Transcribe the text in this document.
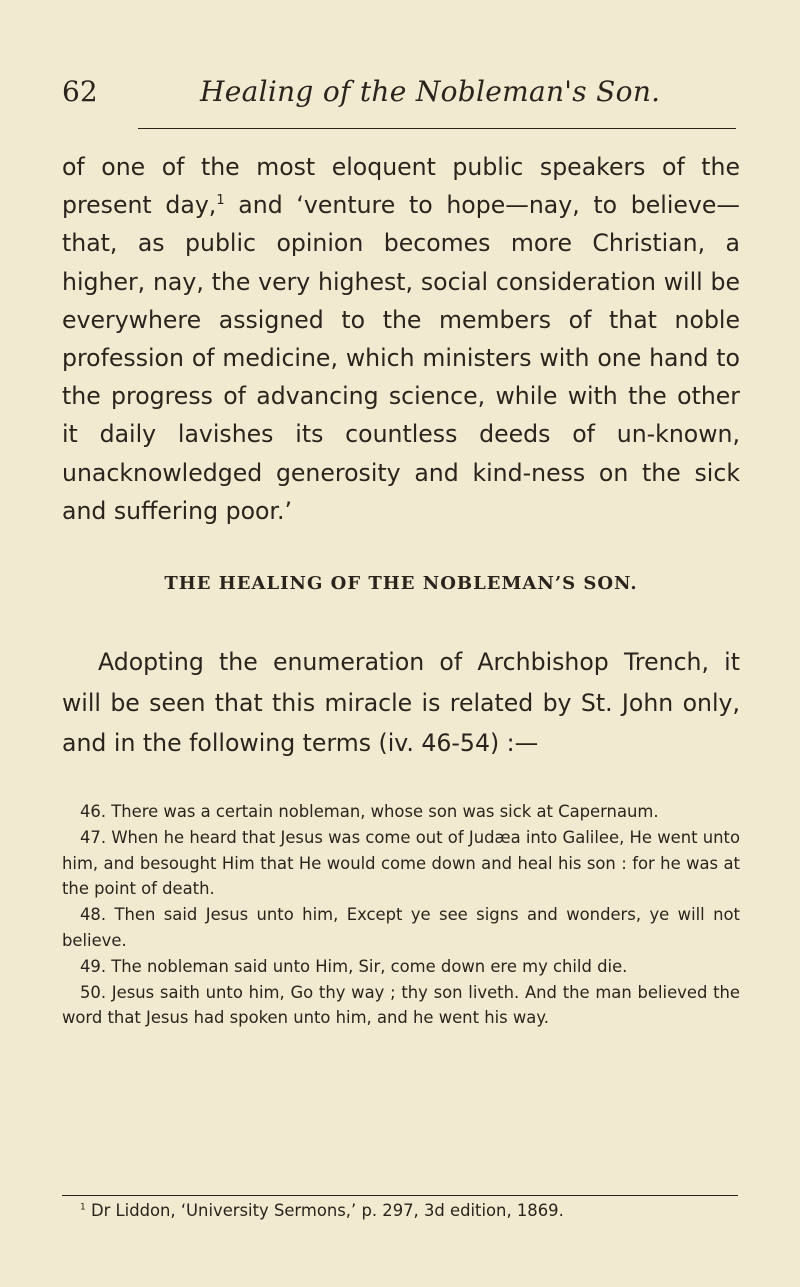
62	Healing of the Nobleman's Son.

of one of the most eloquent public speakers of the present day,$^1$ and ‘venture to hope—nay, to believe—that, as public opinion becomes more Christian, a higher, nay, the very highest, social consideration will be everywhere assigned to the members of that noble profession of medicine, which ministers with one hand to the progress of advancing science, while with the other it daily lavishes its countless deeds of un-known, unacknowledged generosity and kind-ness on the sick and suffering poor.’

THE HEALING OF THE NOBLEMAN’S SON.

Adopting the enumeration of Archbishop Trench, it will be seen that this miracle is related by St. John only, and in the following terms (iv. 46-54) :—

46. There was a certain nobleman, whose son was sick at Capernaum.

47. When he heard that Jesus was come out of Judæa into Galilee, He went unto him, and besought Him that He would come down and heal his son : for he was at the point of death.

48. Then said Jesus unto him, Except ye see signs and wonders, ye will not believe.

49. The nobleman said unto Him, Sir, come down ere my child die.

50. Jesus saith unto him, Go thy way ; thy son liveth. And the man believed the word that Jesus had spoken unto him, and he went his way.

$^1$ Dr Liddon, ‘University Sermons,’ p. 297, 3d edition, 1869.
